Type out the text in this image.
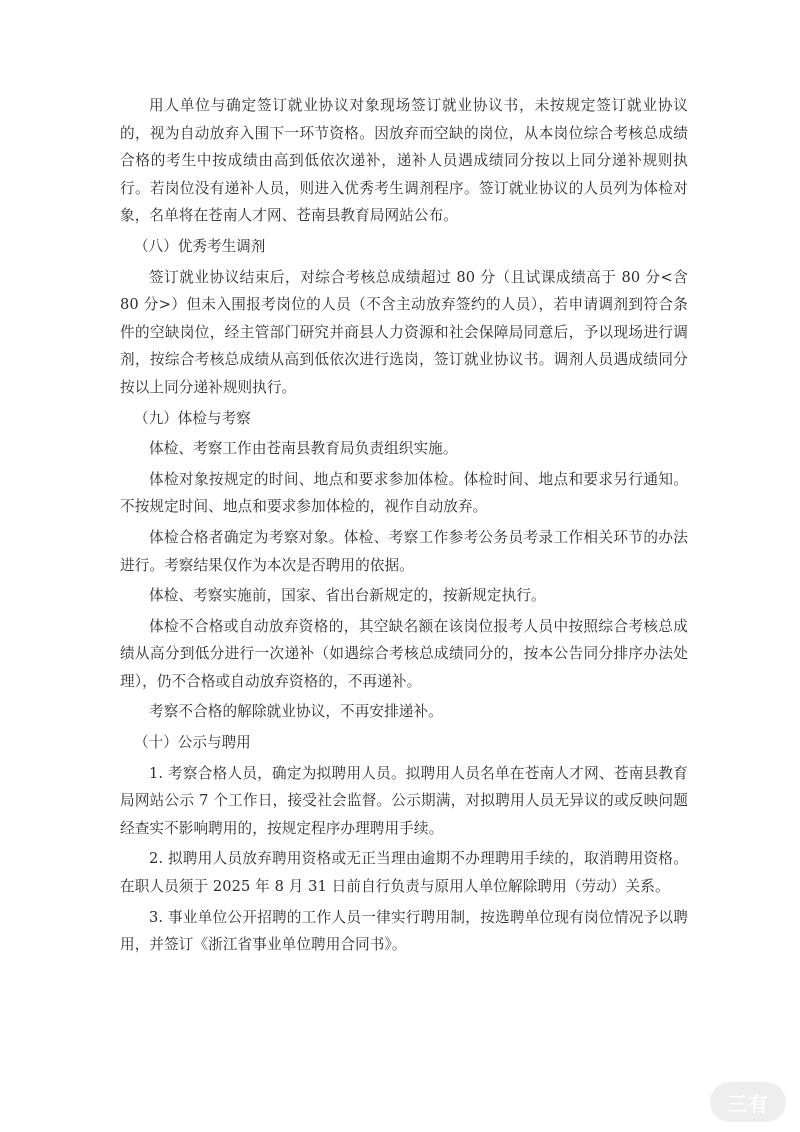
用人单位与确定签订就业协议对象现场签订就业协议书，未按规定签订就业协议的，视为自动放弃入围下一环节资格。因放弃而空缺的岗位，从本岗位综合考核总成绩合格的考生中按成绩由高到低依次递补，递补人员遇成绩同分按以上同分递补规则执行。若岗位没有递补人员，则进入优秀考生调剂程序。签订就业协议的人员列为体检对象，名单将在苍南人才网、苍南县教育局网站公布。

（八）优秀考生调剂

签订就业协议结束后，对综合考核总成绩超过 80 分（且试课成绩高于 80 分<含 80 分>）但未入围报考岗位的人员（不含主动放弃签约的人员），若申请调剂到符合条件的空缺岗位，经主管部门研究并商县人力资源和社会保障局同意后，予以现场进行调剂，按综合考核总成绩从高到低依次进行选岗，签订就业协议书。调剂人员遇成绩同分按以上同分递补规则执行。

（九）体检与考察

体检、考察工作由苍南县教育局负责组织实施。

体检对象按规定的时间、地点和要求参加体检。体检时间、地点和要求另行通知。不按规定时间、地点和要求参加体检的，视作自动放弃。

体检合格者确定为考察对象。体检、考察工作参考公务员考录工作相关环节的办法进行。考察结果仅作为本次是否聘用的依据。

体检、考察实施前，国家、省出台新规定的，按新规定执行。

体检不合格或自动放弃资格的，其空缺名额在该岗位报考人员中按照综合考核总成绩从高分到低分进行一次递补（如遇综合考核总成绩同分的，按本公告同分排序办法处理），仍不合格或自动放弃资格的，不再递补。

考察不合格的解除就业协议，不再安排递补。

（十）公示与聘用

1. 考察合格人员，确定为拟聘用人员。拟聘用人员名单在苍南人才网、苍南县教育局网站公示 7 个工作日，接受社会监督。公示期满，对拟聘用人员无异议的或反映问题经查实不影响聘用的，按规定程序办理聘用手续。

2. 拟聘用人员放弃聘用资格或无正当理由逾期不办理聘用手续的，取消聘用资格。在职人员须于 2025 年 8 月 31 日前自行负责与原用人单位解除聘用（劳动）关系。

3. 事业单位公开招聘的工作人员一律实行聘用制，按选聘单位现有岗位情况予以聘用，并签订《浙江省事业单位聘用合同书》。

三有
